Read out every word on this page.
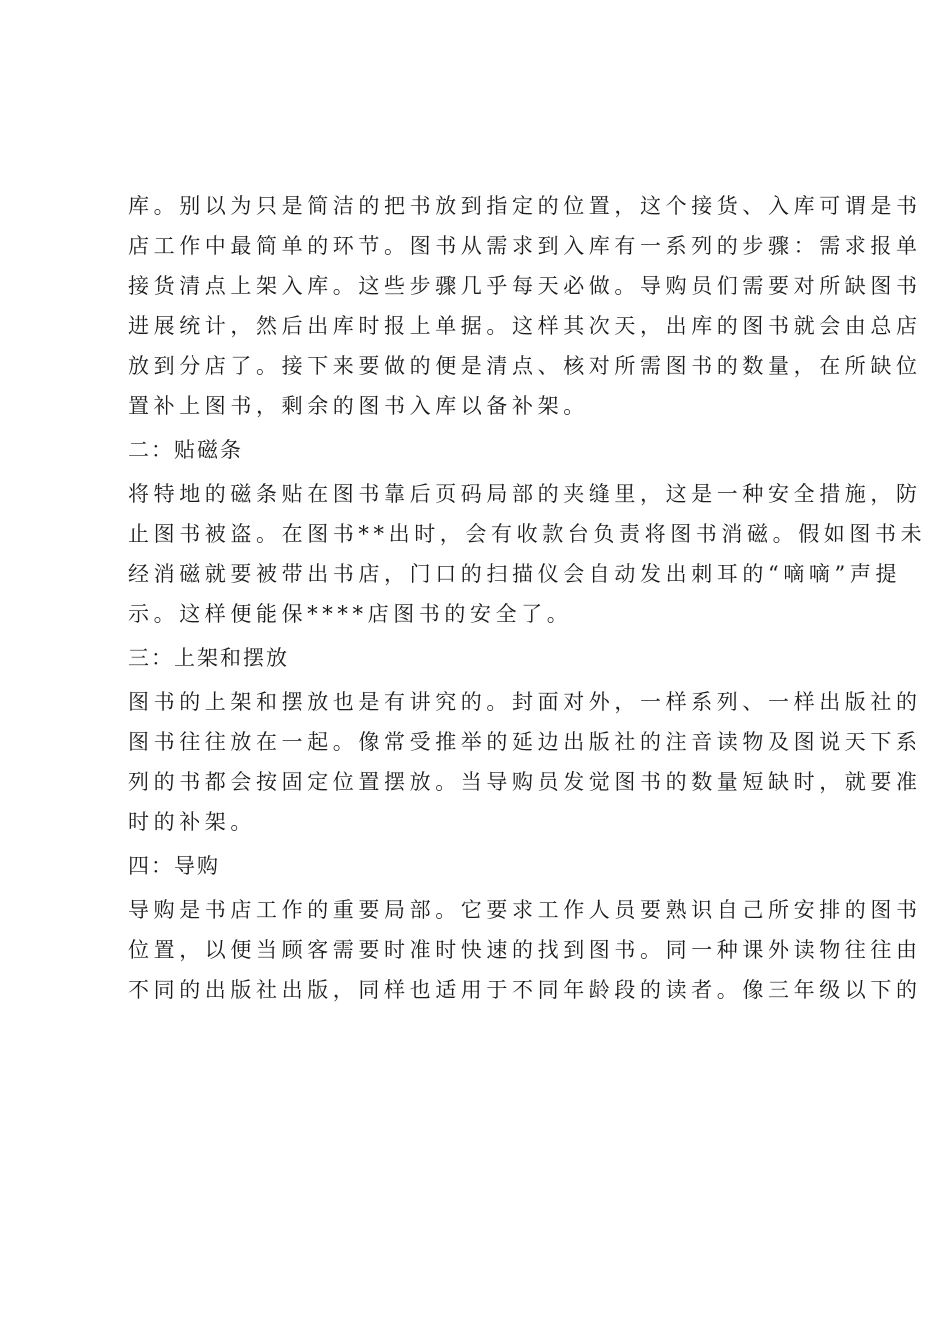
库。别以为只是简洁的把书放到指定的位置，这个接货、入库可谓是书
店工作中最简单的环节。图书从需求到入库有一系列的步骤：需求报单
接货清点上架入库。这些步骤几乎每天必做。导购员们需要对所缺图书
进展统计，然后出库时报上单据。这样其次天，出库的图书就会由总店
放到分店了。接下来要做的便是清点、核对所需图书的数量，在所缺位
置补上图书，剩余的图书入库以备补架。
二：贴磁条
将特地的磁条贴在图书靠后页码局部的夹缝里，这是一种安全措施，防
止图书被盗。在图书**出时，会有收款台负责将图书消磁。假如图书未
经消磁就要被带出书店，门口的扫描仪会自动发出刺耳的“嘀嘀”声提
示。这样便能保****店图书的安全了。
三：上架和摆放
图书的上架和摆放也是有讲究的。封面对外，一样系列、一样出版社的
图书往往放在一起。像常受推举的延边出版社的注音读物及图说天下系
列的书都会按固定位置摆放。当导购员发觉图书的数量短缺时，就要准
时的补架。
四：导购
导购是书店工作的重要局部。它要求工作人员要熟识自己所安排的图书
位置，以便当顾客需要时准时快速的找到图书。同一种课外读物往往由
不同的出版社出版，同样也适用于不同年龄段的读者。像三年级以下的
